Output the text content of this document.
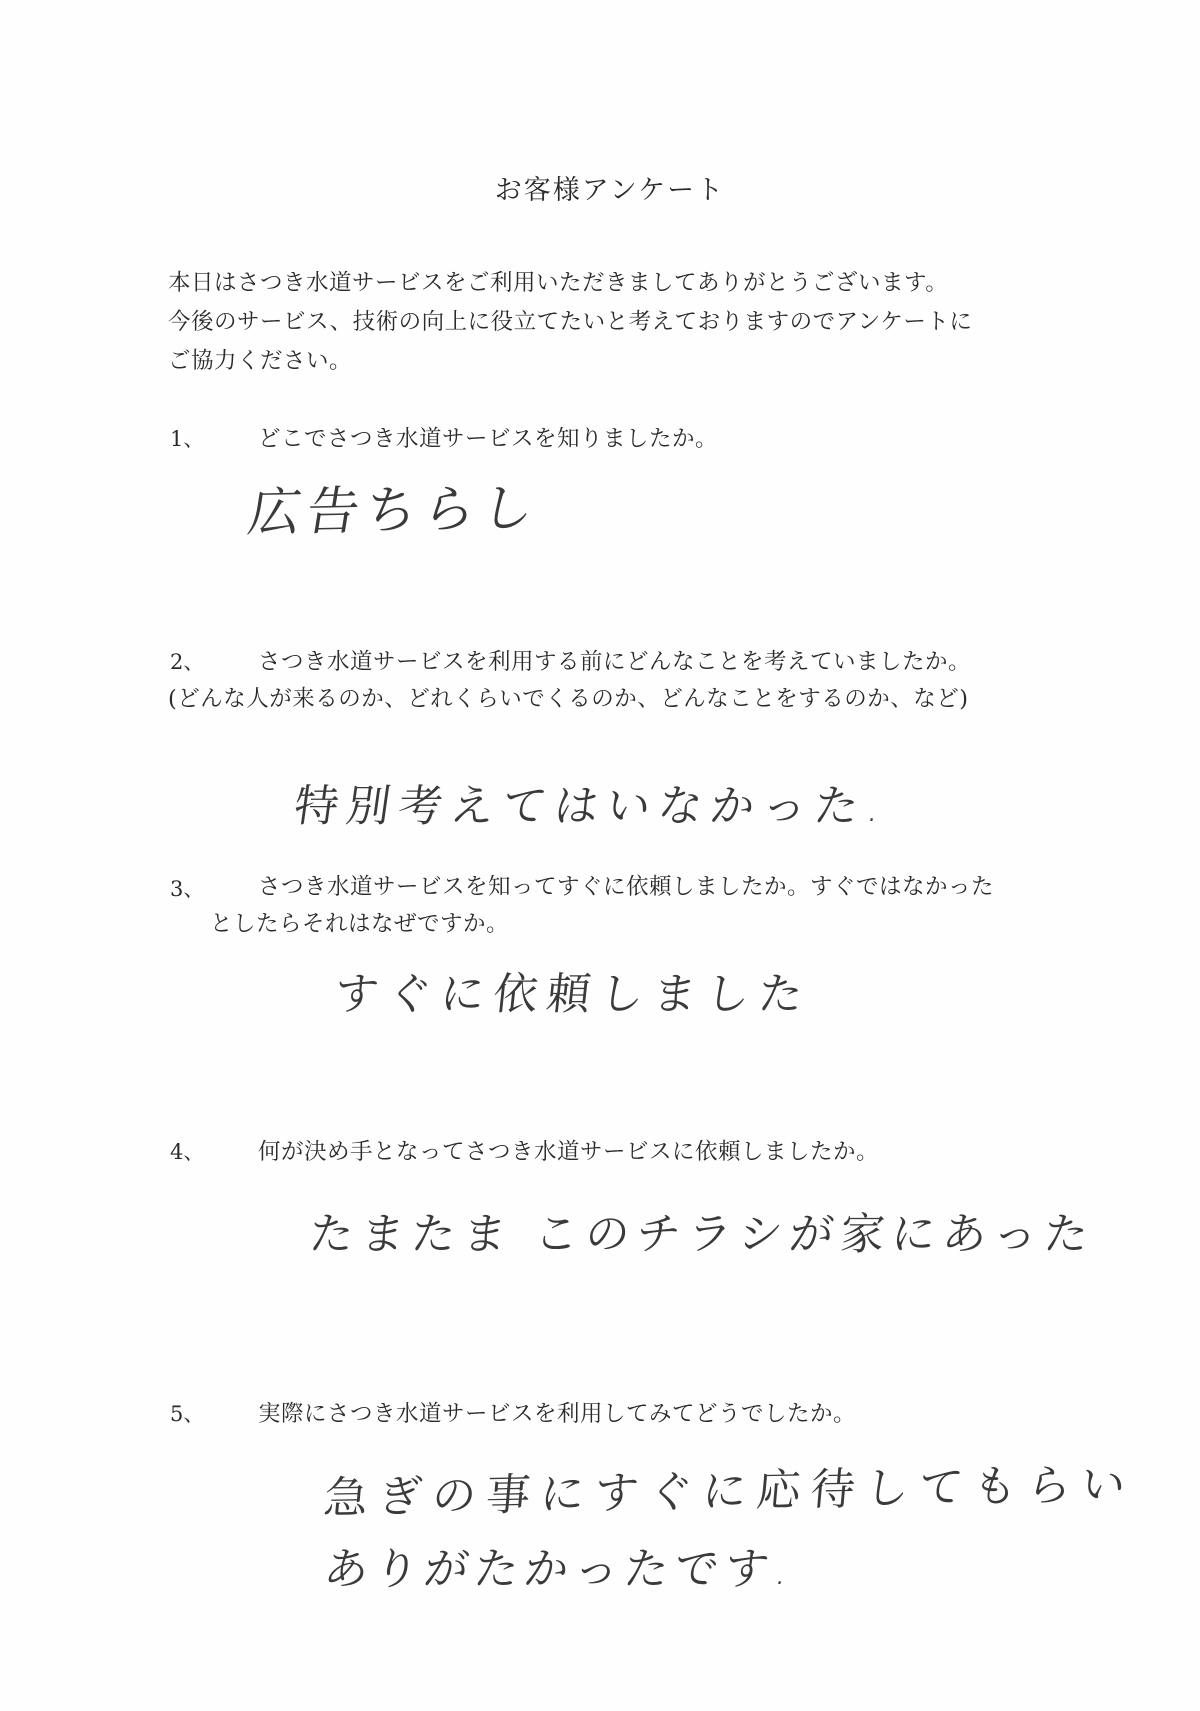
お客様アンケート
本日はさつき水道サービスをご利用いただきましてありがとうございます。
今後のサービス、技術の向上に役立てたいと考えておりますのでアンケートに
ご協力ください。
1、 どこでさつき水道サービスを知りましたか。
広告ちらし
2、 さつき水道サービスを利用する前にどんなことを考えていましたか。
(どんな人が来るのか、どれくらいでくるのか、どんなことをするのか、など)
特別考えてはいなかった.
3、 さつき水道サービスを知ってすぐに依頼しましたか。すぐではなかった
としたらそれはなぜですか。
すぐに依頼しました
4、 何が決め手となってさつき水道サービスに依頼しましたか。
たまたま このチラシが家にあった
5、 実際にさつき水道サービスを利用してみてどうでしたか。
急ぎの事にすぐに応待してもらい
ありがたかったです.
